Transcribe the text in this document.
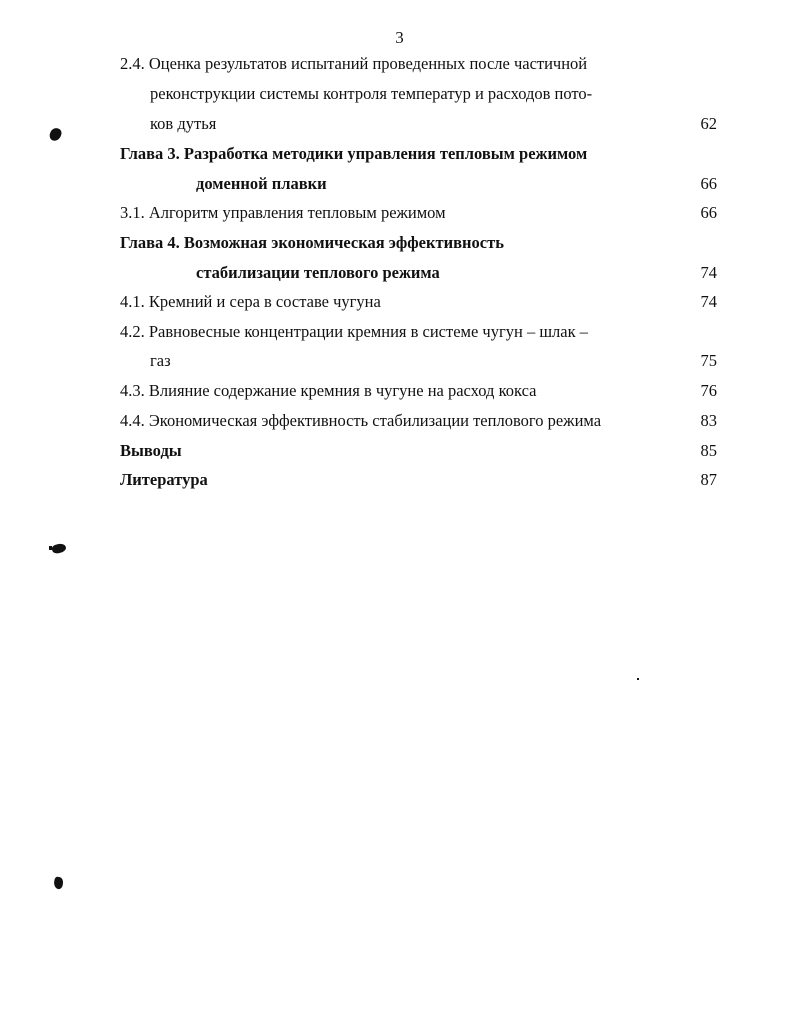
3
2.4. Оценка результатов испытаний проведенных после частичной
реконструкции системы контроля температур и расходов пото-
ков дутья	62
Глава 3. Разработка методики управления тепловым режимом
доменной плавки	66
3.1. Алгоритм управления тепловым режимом	66
Глава 4. Возможная экономическая эффективность
стабилизации теплового режима	74
4.1. Кремний и сера в составе чугуна	74
4.2. Равновесные концентрации кремния в системе чугун – шлак –
газ	75
4.3. Влияние содержание кремния в чугуне на расход кокса	76
4.4. Экономическая эффективность стабилизации теплового режима	83
Выводы	85
Литература	87
